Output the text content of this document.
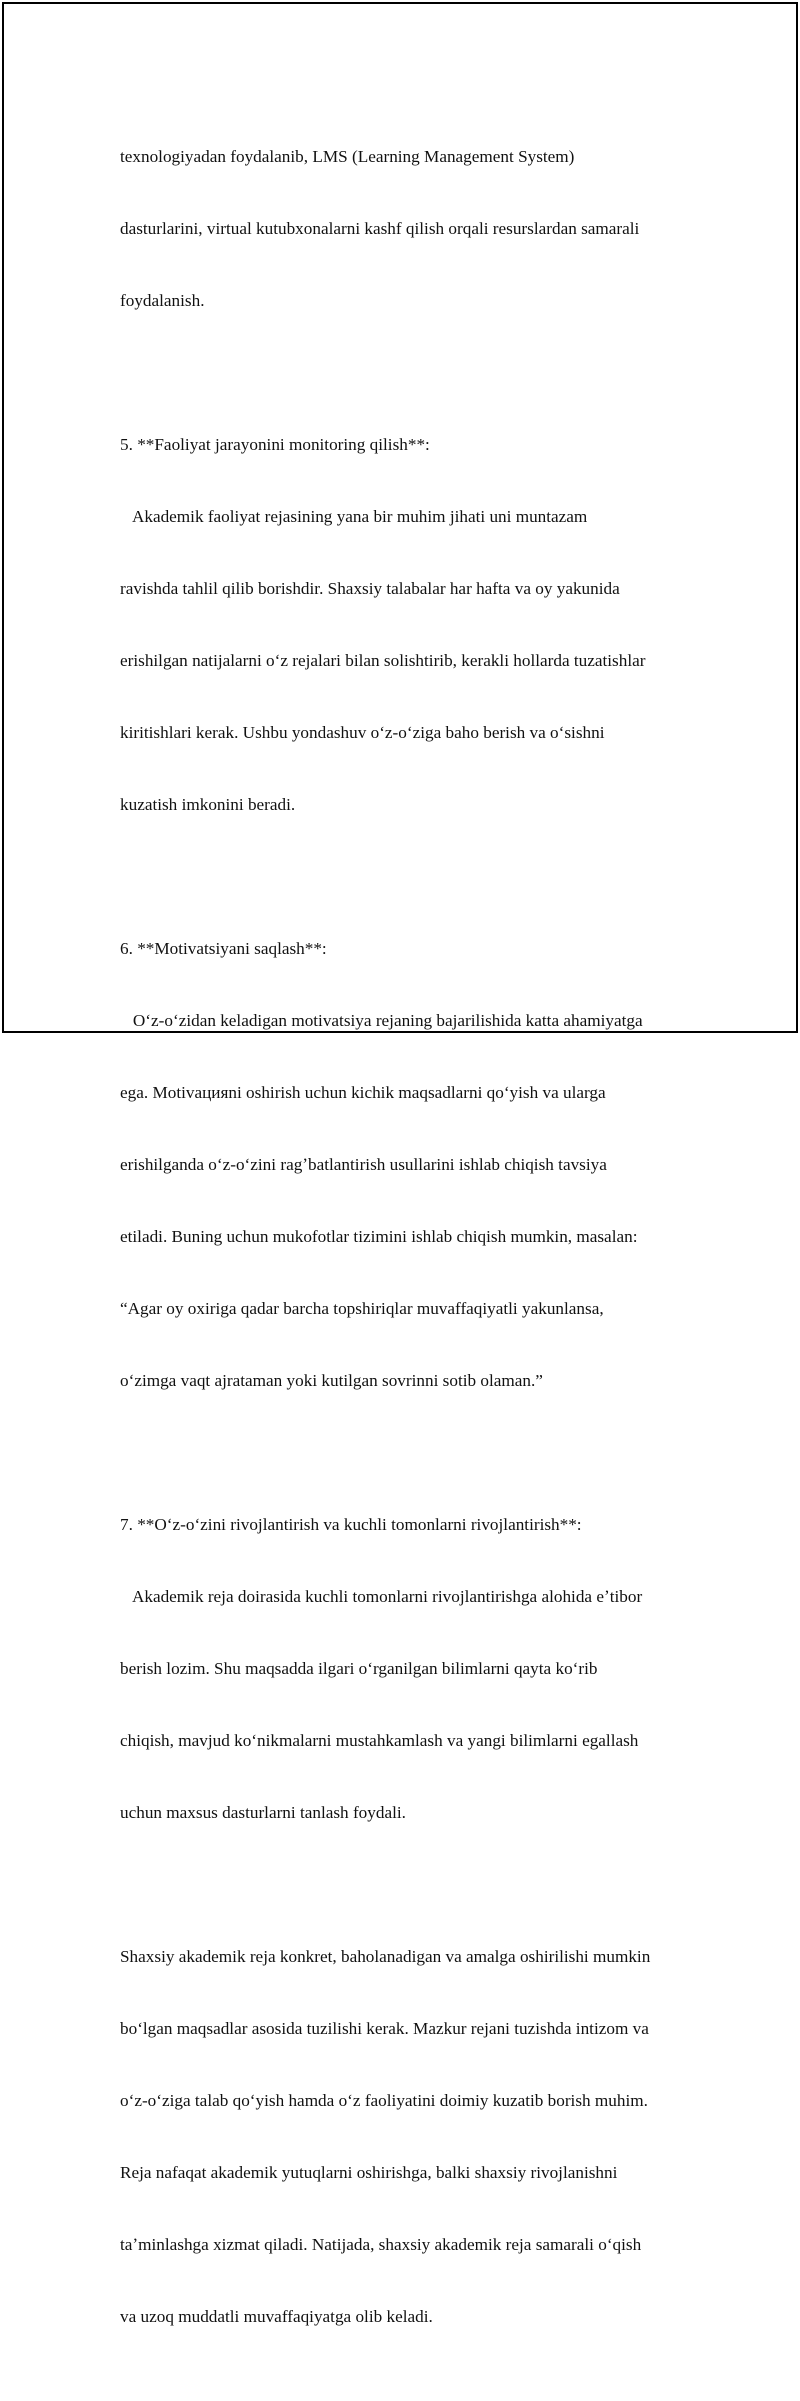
texnologiyadan foydalanib, LMS (Learning Management System)

dasturlarini, virtual kutubxonalarni kashf qilish orqali resurslardan samarali

foydalanish.

5. **Faoliyat jarayonini monitoring qilish**:

Akademik faoliyat rejasining yana bir muhim jihati uni muntazam

ravishda tahlil qilib borishdir. Shaxsiy talabalar har hafta va oy yakunida

erishilgan natijalarni oʻz rejalari bilan solishtirib, kerakli hollarda tuzatishlar

kiritishlari kerak. Ushbu yondashuv oʻz-oʻziga baho berish va oʻsishni

kuzatish imkonini beradi.

6. **Motivatsiyani saqlash**:

Oʻz-oʻzidan keladigan motivatsiya rejaning bajarilishida katta ahamiyatga

ega. Motivацияni oshirish uchun kichik maqsadlarni qoʻyish va ularga

erishilganda oʻz-oʻzini ragʼbatlantirish usullarini ishlab chiqish tavsiya

etiladi. Buning uchun mukofotlar tizimini ishlab chiqish mumkin, masalan:

“Agar oy oxiriga qadar barcha topshiriqlar muvaffaqiyatli yakunlansa,

oʻzimga vaqt ajrataman yoki kutilgan sovrinni sotib olaman.”

7. **Oʻz-oʻzini rivojlantirish va kuchli tomonlarni rivojlantirish**:

Akademik reja doirasida kuchli tomonlarni rivojlantirishga alohida eʼtibor

berish lozim. Shu maqsadda ilgari oʻrganilgan bilimlarni qayta koʻrib

chiqish, mavjud koʻnikmalarni mustahkamlash va yangi bilimlarni egallash

uchun maxsus dasturlarni tanlash foydali.

Shaxsiy akademik reja konkret, baholanadigan va amalga oshirilishi mumkin

boʻlgan maqsadlar asosida tuzilishi kerak. Mazkur rejani tuzishda intizom va

oʻz-oʻziga talab qoʻyish hamda oʻz faoliyatini doimiy kuzatib borish muhim.

Reja nafaqat akademik yutuqlarni oshirishga, balki shaxsiy rivojlanishni

taʼminlashga xizmat qiladi. Natijada, shaxsiy akademik reja samarali oʻqish

va uzoq muddatli muvaffaqiyatga olib keladi.
